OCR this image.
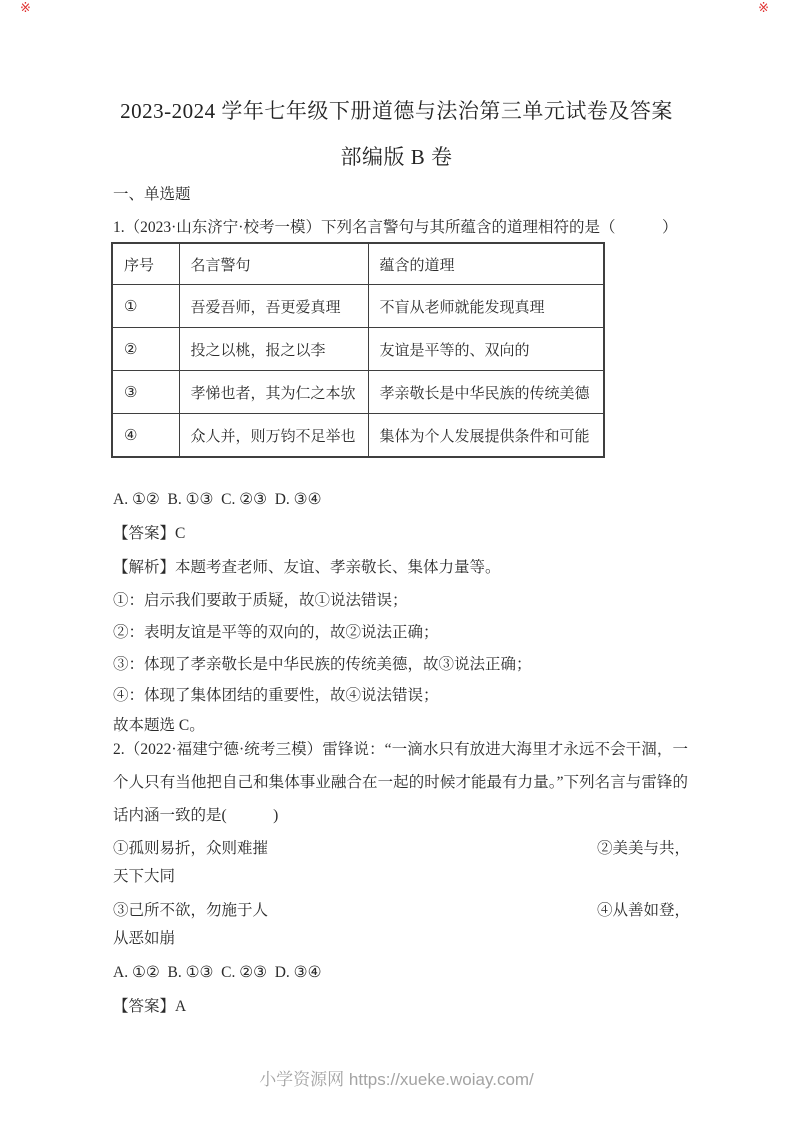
※	※
2023-2024 学年七年级下册道德与法治第三单元试卷及答案
部编版 B 卷
一、单选题
1.（2023·山东济宁·校考一模）下列名言警句与其所蕴含的道理相符的是（　　　）
序号	名言警句	蕴含的道理
①	吾爱吾师，吾更爱真理	不盲从老师就能发现真理
②	投之以桃，报之以李	友谊是平等的、双向的
③	孝悌也者，其为仁之本欤	孝亲敬长是中华民族的传统美德
④	众人并，则万钧不足举也	集体为个人发展提供条件和可能
A. ①②  B. ①③  C. ②③  D. ③④
【答案】C
【解析】本题考查老师、友谊、孝亲敬长、集体力量等。
①：启示我们要敢于质疑，故①说法错误；
②：表明友谊是平等的双向的，故②说法正确；
③：体现了孝亲敬长是中华民族的传统美德，故③说法正确；
④：体现了集体团结的重要性，故④说法错误；
故本题选 C。
2.（2022·福建宁德·统考三模）雷锋说：“一滴水只有放进大海里才永远不会干涸，一个人只有当他把自己和集体事业融合在一起的时候才能最有力量。”下列名言与雷锋的话内涵一致的是(　　　)
①孤则易折，众则难摧	②美美与共，
天下大同
③己所不欲，勿施于人	④从善如登，
从恶如崩
A. ①②  B. ①③  C. ②③  D. ③④
【答案】A
小学资源网 https://xueke.woiay.com/
